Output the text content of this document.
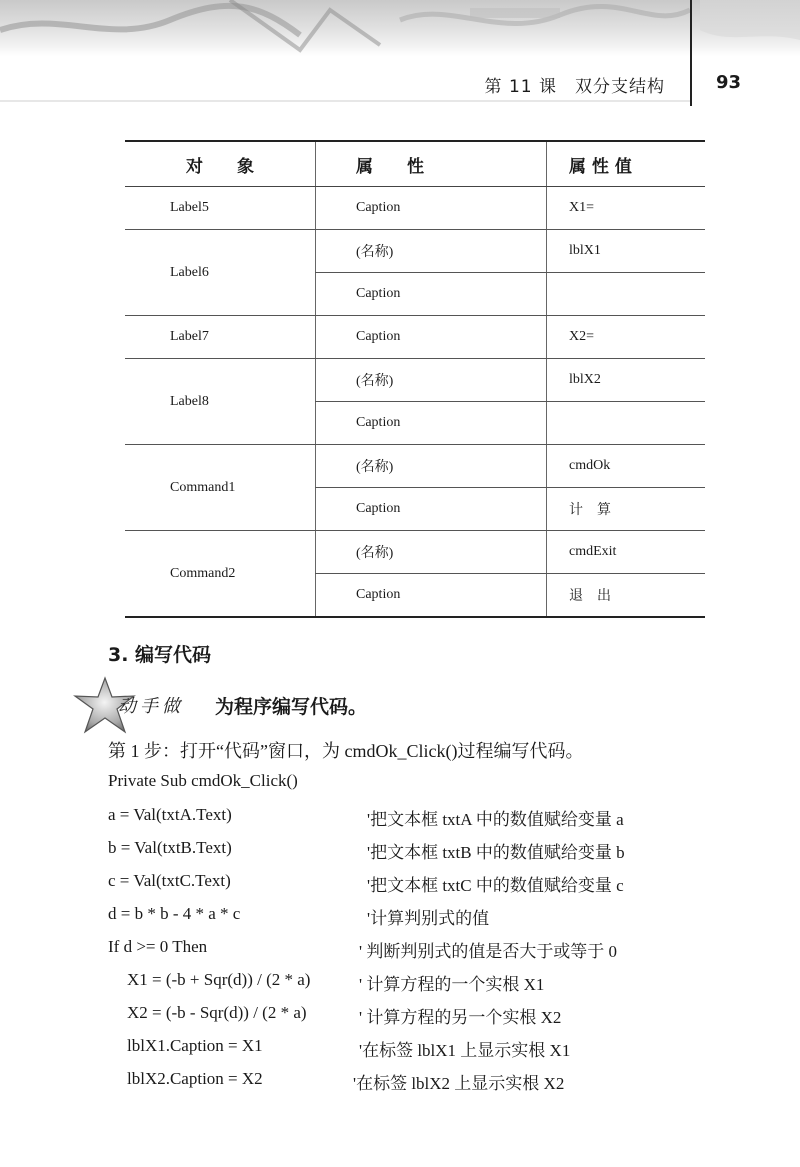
第 11 课　双分支结构	93
对　　象	属　　性	属 性 值
Label5	Caption	X1=
Label6	(名称)	lblX1
	Caption	
Label7	Caption	X2=
Label8	(名称)	lblX2
	Caption	
Command1	(名称)	cmdOk
	Caption	计　算
Command2	(名称)	cmdExit
	Caption	退　出
3. 编写代码
动手做 为程序编写代码。
第 1 步：打开“代码”窗口，为 cmdOk_Click()过程编写代码。
Private Sub cmdOk_Click()
a = Val(txtA.Text)	'把文本框 txtA 中的数值赋给变量 a
b = Val(txtB.Text)	'把文本框 txtB 中的数值赋给变量 b
c = Val(txtC.Text)	'把文本框 txtC 中的数值赋给变量 c
d = b * b - 4 * a * c	'计算判别式的值
If d >= 0 Then	' 判断判别式的值是否大于或等于 0
X1 = (-b + Sqr(d)) / (2 * a)	' 计算方程的一个实根 X1
X2 = (-b - Sqr(d)) / (2 * a)	' 计算方程的另一个实根 X2
lblX1.Caption = X1	'在标签 lblX1 上显示实根 X1
lblX2.Caption = X2	'在标签 lblX2 上显示实根 X2
